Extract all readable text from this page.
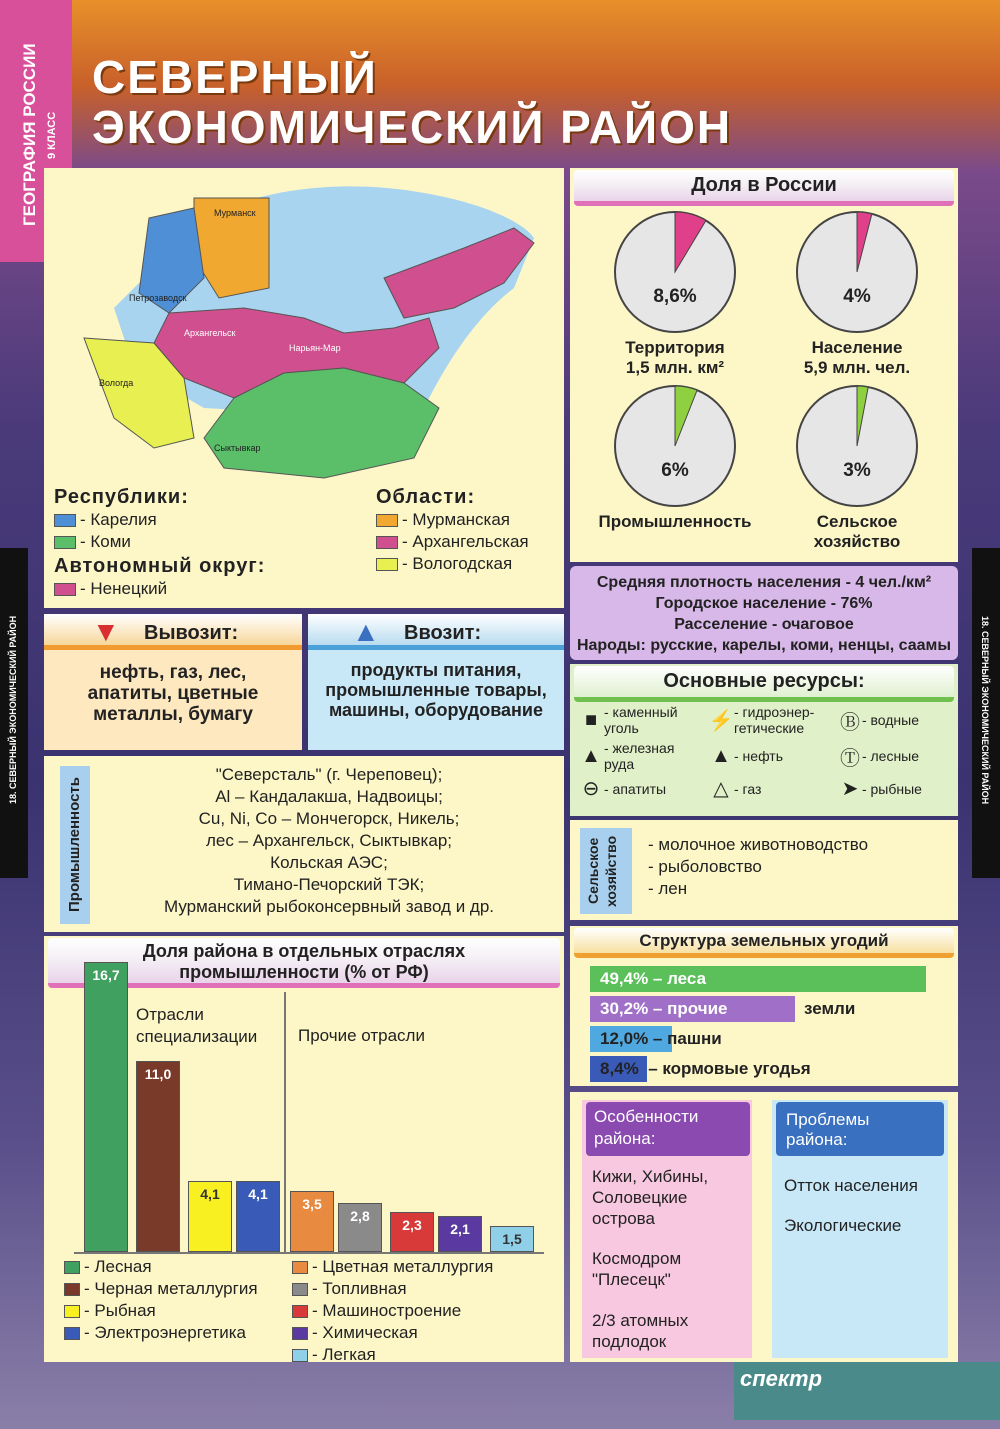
ГЕОГРАФИЯ РОССИИ 9 КЛАСС
СЕВЕРНЫЙ
ЭКОНОМИЧЕСКИЙ РАЙОН
18. СЕВЕРНЫЙ ЭКОНОМИЧЕСКИЙ РАЙОН	18. СЕВЕРНЫЙ ЭКОНОМИЧЕСКИЙ РАЙОН
Мурманск
Петрозаводск
Архангельск
Нарьян-Мар
Вологда
Сыктывкар
Республики:
- Карелия
- Коми
Автономный округ:
- Ненецкий
Области:
- Мурманская
- Архангельская
- Вологодская
Доля в России
8,6%
Территория
1,5 млн. км²
4%
Население
5,9 млн. чел.
6%
Промышленность
3%
Сельское
хозяйство
Средняя плотность населения - 4 чел./км²
Городское население - 76%
Расселение - очаговое
Народы: русские, карелы, коми, ненцы, саамы
▼ Вывозит:
нефть, газ, лес, апатиты, цветные металлы, бумагу
▲ Ввозит:
продукты питания, промышленные товары, машины, оборудование
Основные ресурсы:
■ - каменный уголь	⚡ - гидроэнер- гетические	Ⓑ - водные
▲ - железная руда	▲ - нефть	Ⓣ - лесные
⊖ - апатиты	△ - газ	➤ - рыбные
Промышленность
"Северсталь" (г. Череповец);
Al – Кандалакша, Надвоицы;
Cu, Ni, Co – Мончегорск, Никель;
лес – Архангельск, Сыктывкар;
Кольская АЭС;
Тимано-Печорский ТЭК;
Мурманский рыбоконсервный завод и др.
Сельское хозяйство	- молочное животноводство
- рыболовство
- лен
Доля района в отдельных отраслях промышленности (% от РФ)
Отрасли специализации	Прочие отрасли
16,7
11,0
4,1	4,1
3,5
2,8
2,3	2,1
1,5
- Лесная
- Черная металлургия
- Рыбная
- Электроэнергетика
- Цветная металлургия
- Топливная
- Машиностроение
- Химическая
- Легкая
Структура земельных угодий
49,4% – леса
30,2% – прочие
12,0% – пашни
8,4%  – кормовые угодья
земли
Особенности района:
Кижи, Хибины, Соловецкие острова
Космодром "Плесецк"
2/3 атомных подлодок
Проблемы района:
Отток населения
Экологические
спектр
